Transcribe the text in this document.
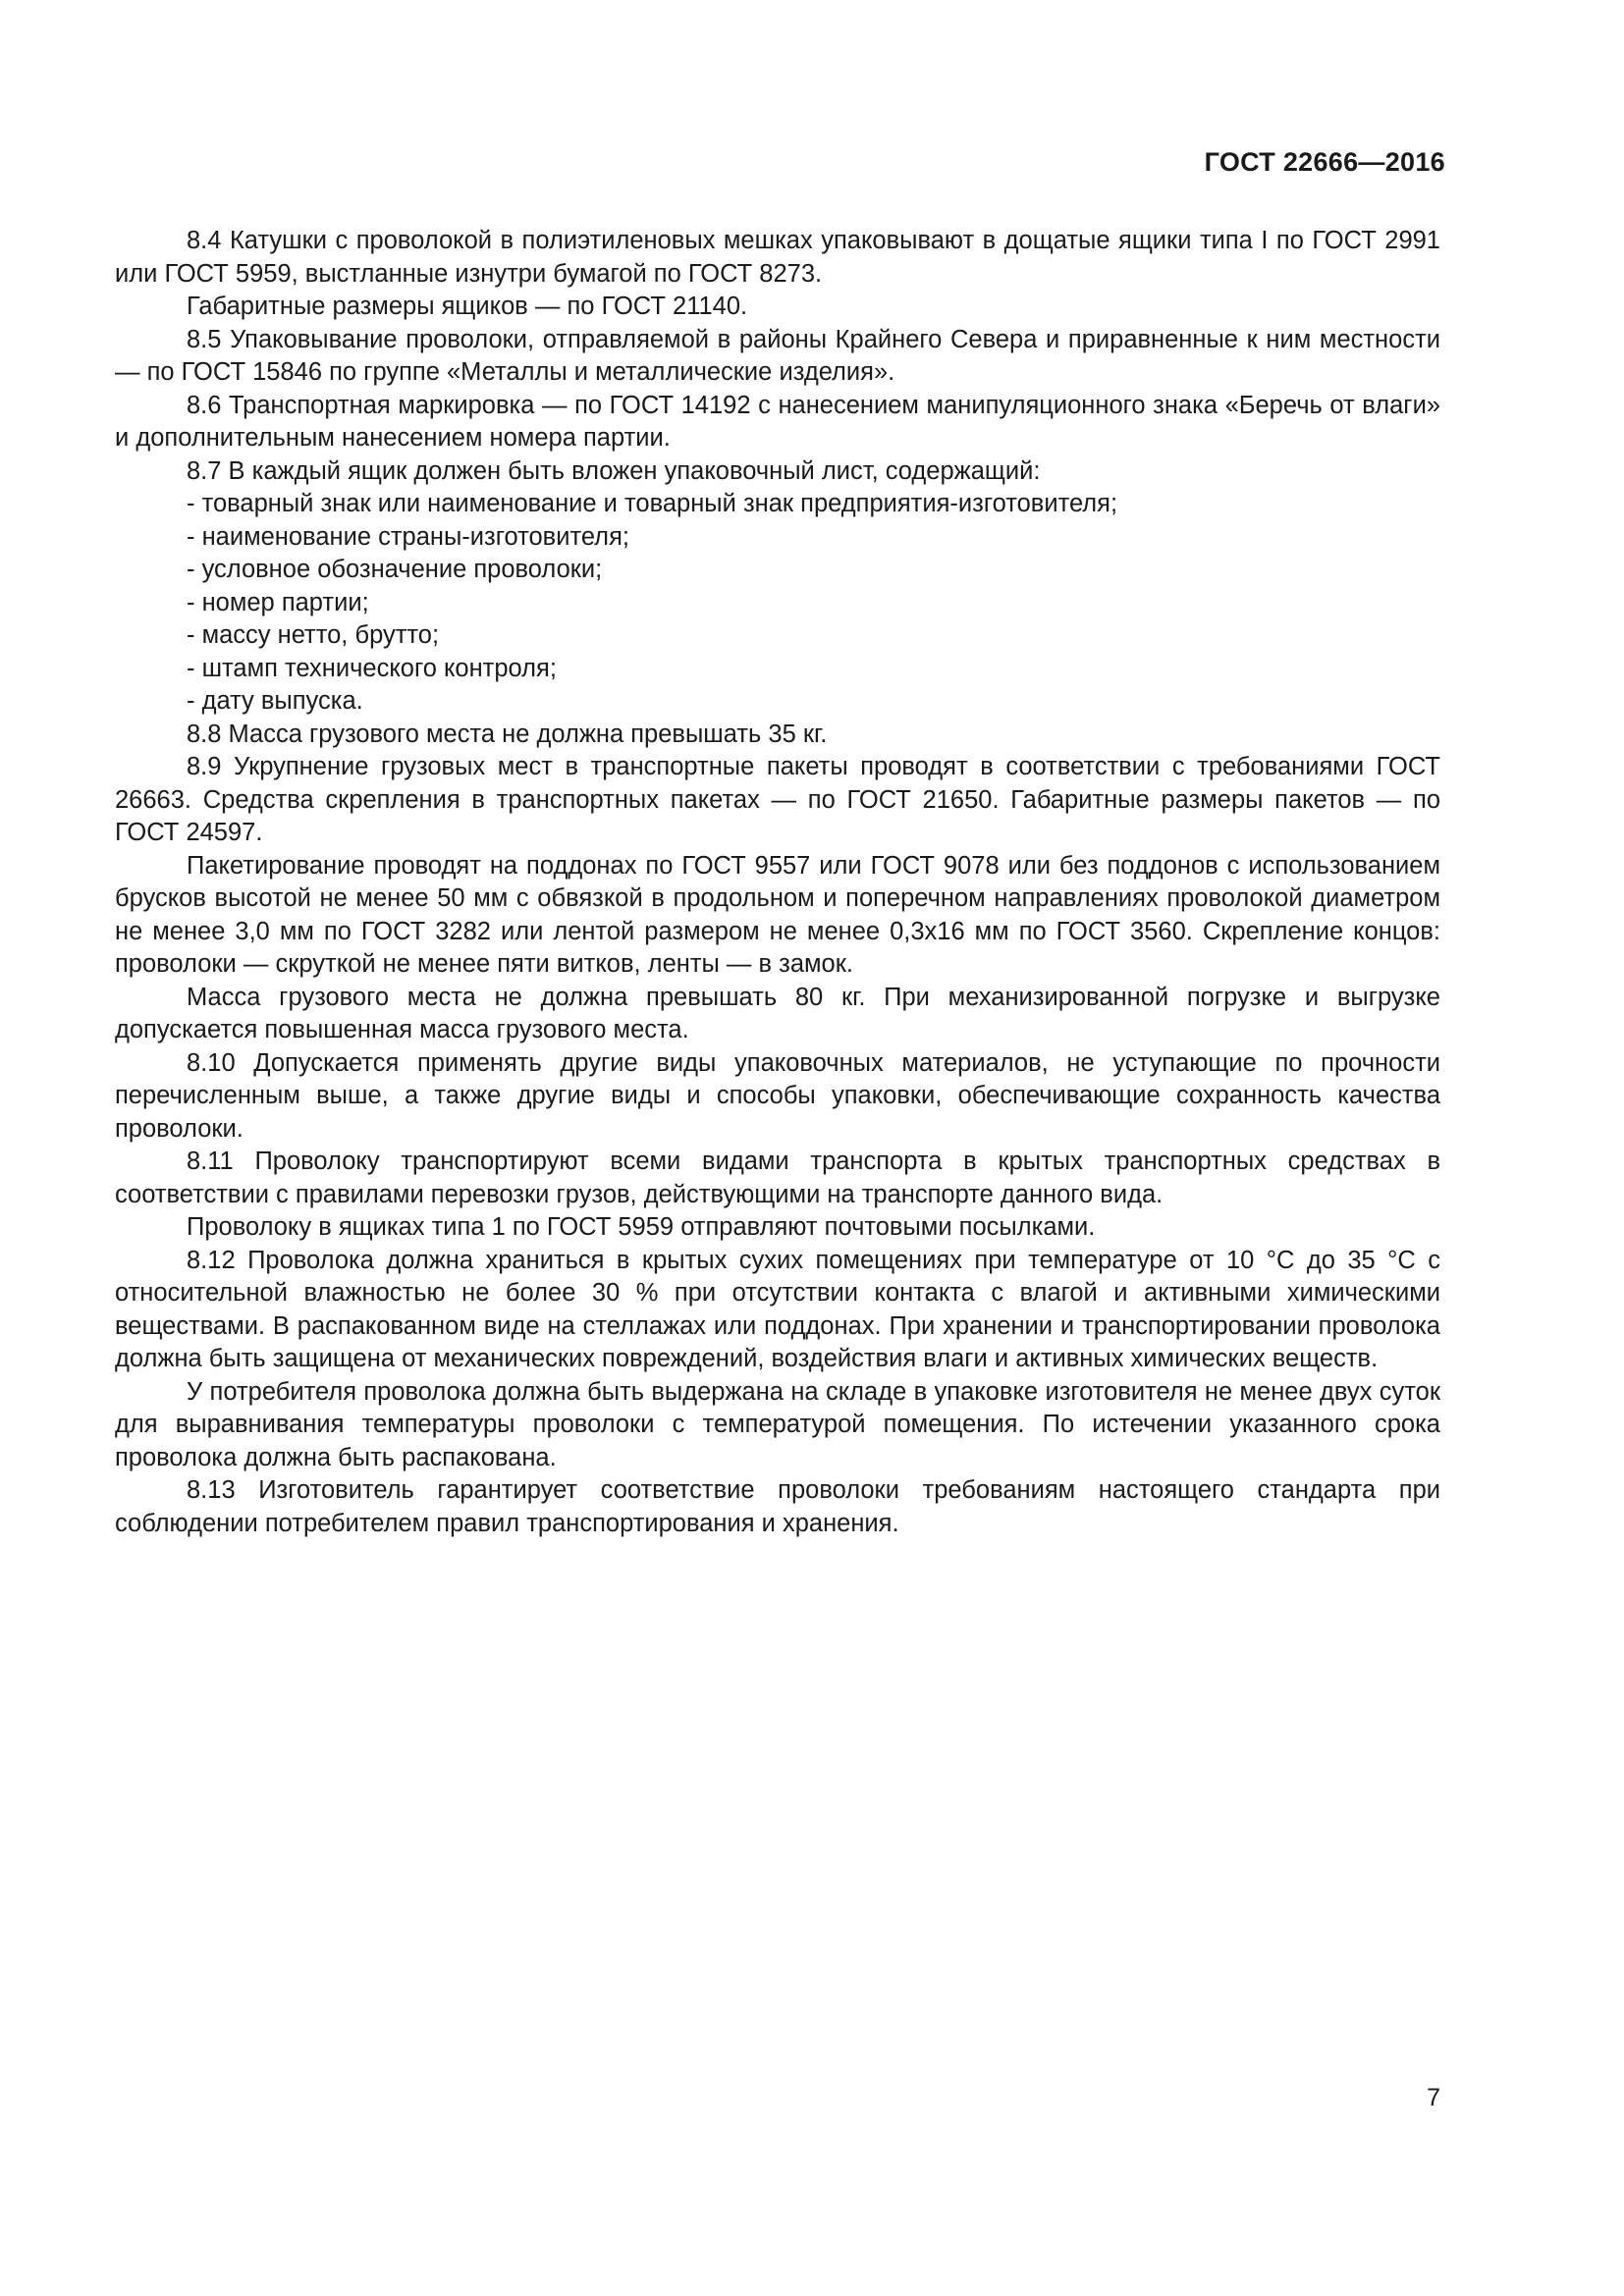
ГОСТ 22666—2016

8.4 Катушки с проволокой в полиэтиленовых мешках упаковывают в дощатые ящики типа I по ГОСТ 2991 или ГОСТ 5959, выстланные изнутри бумагой по ГОСТ 8273.

Габаритные размеры ящиков — по ГОСТ 21140.

8.5 Упаковывание проволоки, отправляемой в районы Крайнего Севера и приравненные к ним местности — по ГОСТ 15846 по группе «Металлы и металлические изделия».

8.6 Транспортная маркировка — по ГОСТ 14192 с нанесением манипуляционного знака «Беречь от влаги» и дополнительным нанесением номера партии.

8.7 В каждый ящик должен быть вложен упаковочный лист, содержащий:

- товарный знак или наименование и товарный знак предприятия-изготовителя;

- наименование страны-изготовителя;

- условное обозначение проволоки;

- номер партии;

- массу нетто, брутто;

- штамп технического контроля;

- дату выпуска.

8.8 Масса грузового места не должна превышать 35 кг.

8.9 Укрупнение грузовых мест в транспортные пакеты проводят в соответствии с требованиями ГОСТ 26663. Средства скрепления в транспортных пакетах — по ГОСТ 21650. Габаритные размеры пакетов — по ГОСТ 24597.

Пакетирование проводят на поддонах по ГОСТ 9557 или ГОСТ 9078 или без поддонов с использованием брусков высотой не менее 50 мм с обвязкой в продольном и поперечном направлениях проволокой диаметром не менее 3,0 мм по ГОСТ 3282 или лентой размером не менее 0,3х16 мм по ГОСТ 3560. Скрепление концов: проволоки — скруткой не менее пяти витков, ленты — в замок.

Масса грузового места не должна превышать 80 кг. При механизированной погрузке и выгрузке допускается повышенная масса грузового места.

8.10 Допускается применять другие виды упаковочных материалов, не уступающие по прочности перечисленным выше, а также другие виды и способы упаковки, обеспечивающие сохранность качества проволоки.

8.11 Проволоку транспортируют всеми видами транспорта в крытых транспортных средствах в соответствии с правилами перевозки грузов, действующими на транспорте данного вида.

Проволоку в ящиках типа 1 по ГОСТ 5959 отправляют почтовыми посылками.

8.12 Проволока должна храниться в крытых сухих помещениях при температуре от 10 °С до 35 °С с относительной влажностью не более 30 % при отсутствии контакта с влагой и активными химическими веществами. В распакованном виде на стеллажах или поддонах. При хранении и транспортировании проволока должна быть защищена от механических повреждений, воздействия влаги и активных химических веществ.

У потребителя проволока должна быть выдержана на складе в упаковке изготовителя не менее двух суток для выравнивания температуры проволоки с температурой помещения. По истечении указанного срока проволока должна быть распакована.

8.13 Изготовитель гарантирует соответствие проволоки требованиям настоящего стандарта при соблюдении потребителем правил транспортирования и хранения.

7
